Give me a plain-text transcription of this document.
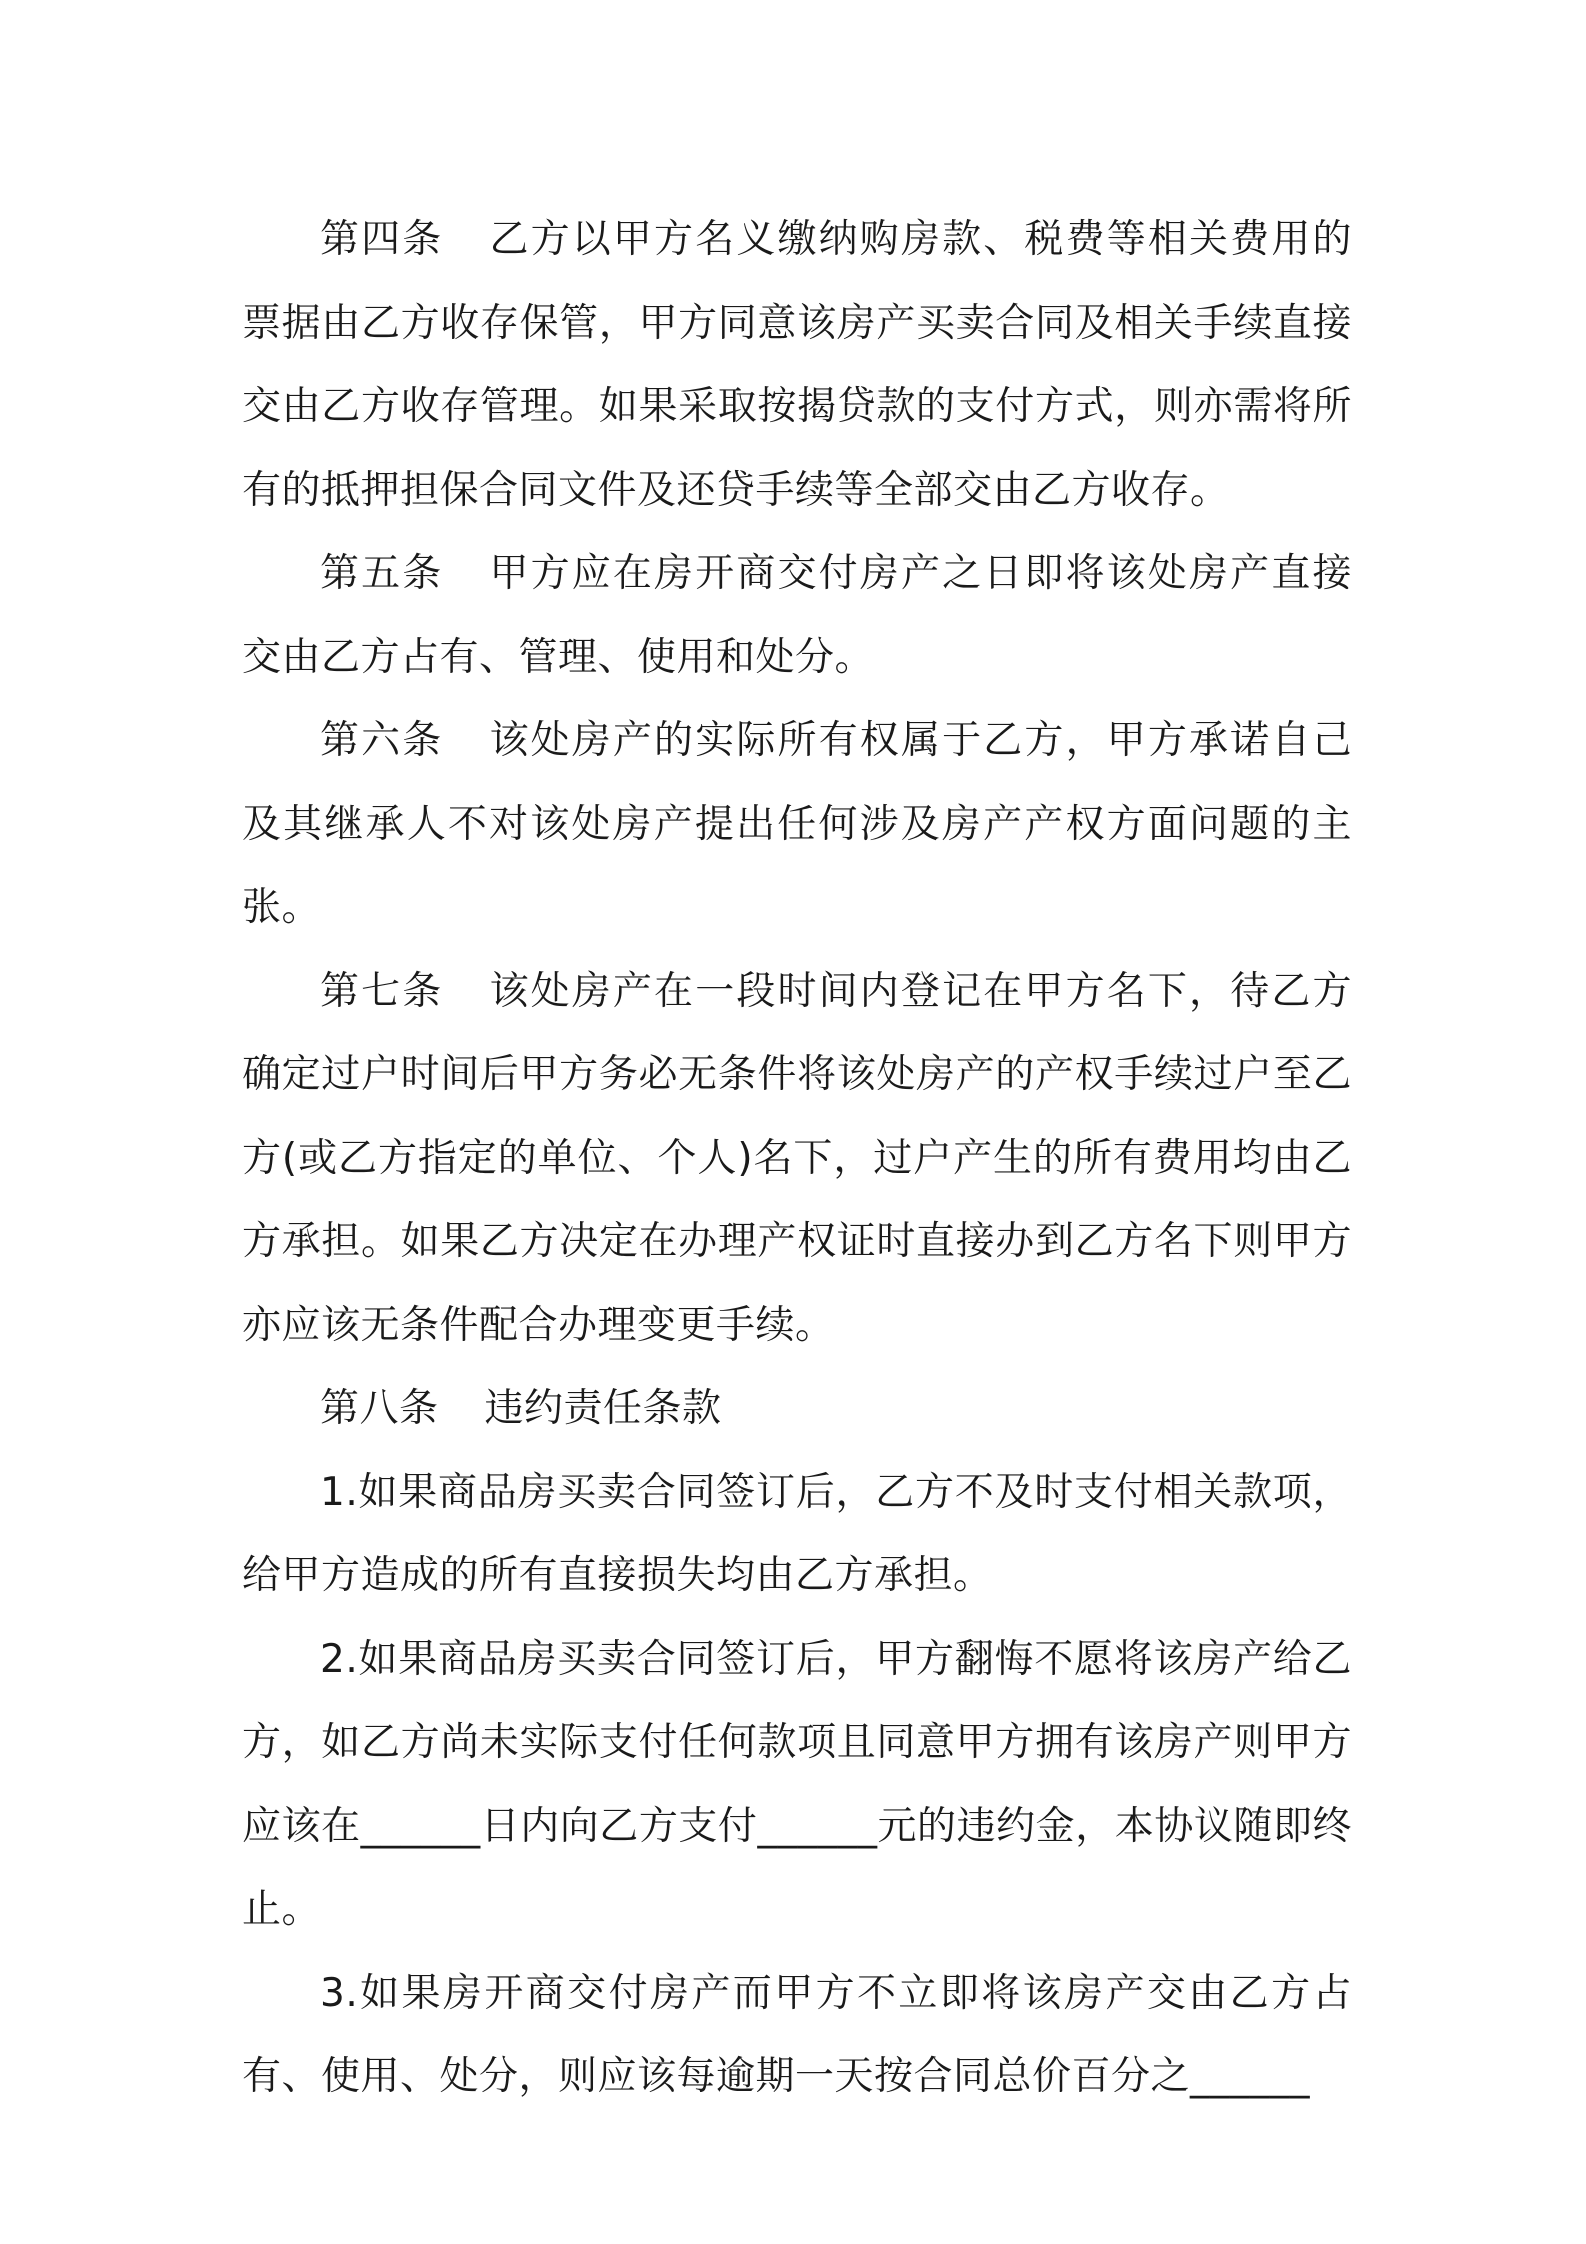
第四条 乙方以甲方名义缴纳购房款、税费等相关费用的票据由乙方收存保管，甲方同意该房产买卖合同及相关手续直接交由乙方收存管理。如果采取按揭贷款的支付方式，则亦需将所有的抵押担保合同文件及还贷手续等全部交由乙方收存。

第五条 甲方应在房开商交付房产之日即将该处房产直接交由乙方占有、管理、使用和处分。

第六条 该处房产的实际所有权属于乙方，甲方承诺自己及其继承人不对该处房产提出任何涉及房产产权方面问题的主张。

第七条 该处房产在一段时间内登记在甲方名下，待乙方确定过户时间后甲方务必无条件将该处房产的产权手续过户至乙方(或乙方指定的单位、个人)名下，过户产生的所有费用均由乙方承担。如果乙方决定在办理产权证时直接办到乙方名下则甲方亦应该无条件配合办理变更手续。

第八条 违约责任条款

1.如果商品房买卖合同签订后，乙方不及时支付相关款项，给甲方造成的所有直接损失均由乙方承担。

2.如果商品房买卖合同签订后，甲方翻悔不愿将该房产给乙方，如乙方尚未实际支付任何款项且同意甲方拥有该房产则甲方应该在______日内向乙方支付______元的违约金，本协议随即终止。

3.如果房开商交付房产而甲方不立即将该房产交由乙方占有、使用、处分，则应该每逾期一天按合同总价百分之______
